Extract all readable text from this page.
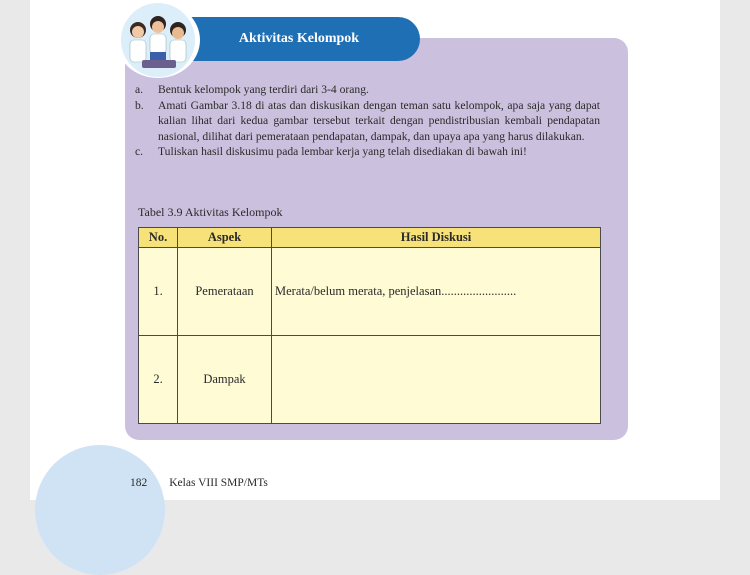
Aktivitas Kelompok
a.	Bentuk kelompok yang terdiri dari 3-4 orang.
b.	Amati Gambar 3.18 di atas dan diskusikan dengan teman satu kelompok, apa saja yang dapat kalian lihat dari kedua gambar tersebut terkait dengan pendistribusian kembali pendapatan nasional, dilihat dari pemerataan pendapatan, dampak, dan upaya apa yang harus dilakukan.
c.	Tuliskan hasil diskusimu pada lembar kerja yang telah disediakan di bawah ini!
Tabel 3.9 Aktivitas Kelompok
No.	Aspek	Hasil Diskusi
1.	Pemerataan	Merata/belum merata, penjelasan........................
2.	Dampak	
182 Kelas VIII SMP/MTs
